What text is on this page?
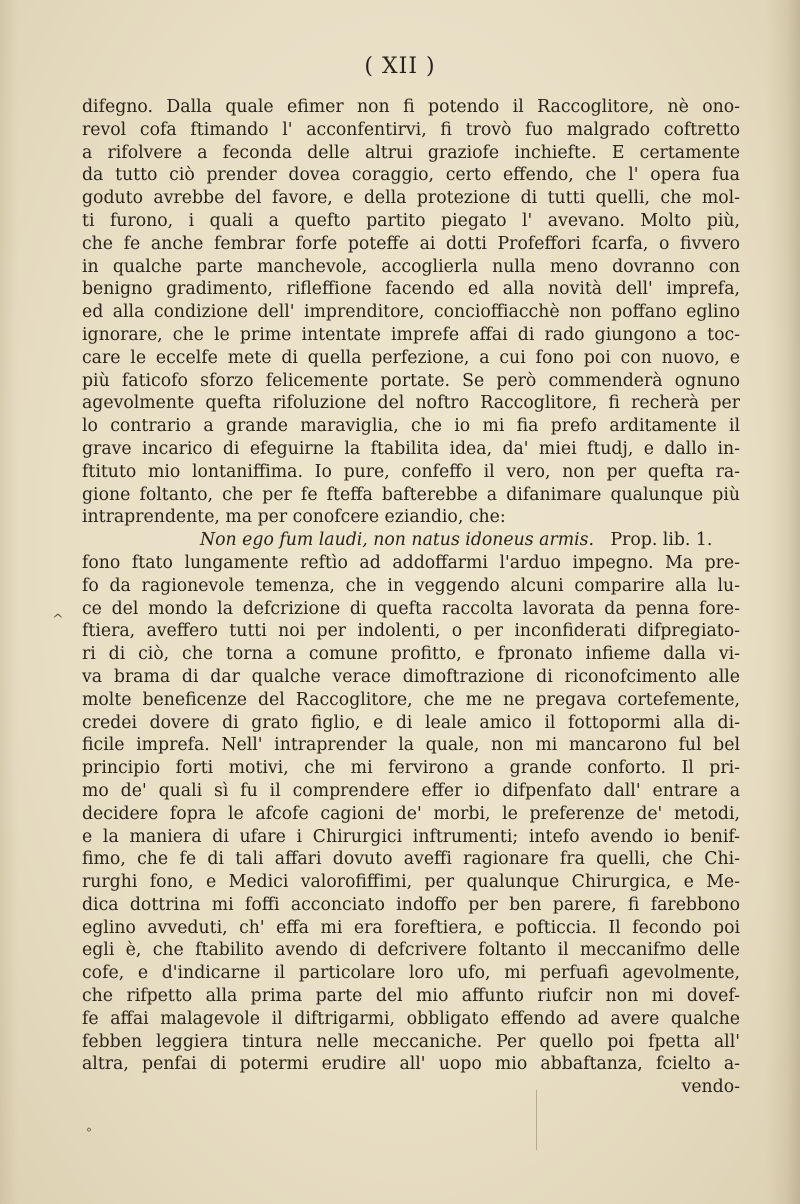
( XII )
difegno. Dalla quale efimer non fi potendo il Raccoglitore, nè ono-
revol cofa ftimando l' acconfentirvi, fi trovò fuo malgrado coftretto
a rifolvere a feconda delle altrui graziofe inchiefte. E certamente
da tutto ciò prender dovea coraggio, certo effendo, che l' opera fua
goduto avrebbe del favore, e della protezione di tutti quelli, che mol-
ti furono, i quali a quefto partito piegato l' avevano. Molto più,
che fe anche fembrar forfe poteffe ai dotti Profeffori fcarfa, o fivvero
in qualche parte manchevole, accoglierla nulla meno dovranno con
benigno gradimento, rifleffione facendo ed alla novità dell' imprefa,
ed alla condizione dell' imprenditore, concioffiacchè non poffano eglino
ignorare, che le prime intentate imprefe affai di rado giungono a toc-
care le eccelfe mete di quella perfezione, a cui fono poi con nuovo, e
più faticofo sforzo felicemente portate. Se però commenderà ognuno
agevolmente quefta rifoluzione del noftro Raccoglitore, fi recherà per
lo contrario a grande maraviglia, che io mi fia prefo arditamente il
grave incarico di efeguirne la ftabilita idea, da' miei ftudj, e dallo in-
ftituto mio lontaniffima. Io pure, confeffo il vero, non per quefta ra-
gione foltanto, che per fe fteffa bafterebbe a difanimare qualunque più
intraprendente, ma per conofcere eziandio, che:
Non ego fum laudi, non natus idoneus armis. Prop. lib. 1.
fono ftato lungamente reftìo ad addoffarmi l'arduo impegno. Ma pre-
fo da ragionevole temenza, che in veggendo alcuni comparire alla lu-
ce del mondo la defcrizione di quefta raccolta lavorata da penna fore-
ftiera, aveffero tutti noi per indolenti, o per inconfiderati difpregiato-
ri di ciò, che torna a comune profitto, e fpronato infieme dalla vi-
va brama di dar qualche verace dimoftrazione di riconofcimento alle
molte beneficenze del Raccoglitore, che me ne pregava cortefemente,
credei dovere di grato figlio, e di leale amico il fottopormi alla di-
ficile imprefa. Nell' intraprender la quale, non mi mancarono ful bel
principio forti motivi, che mi fervirono a grande conforto. Il pri-
mo de' quali sì fu il comprendere effer io difpenfato dall' entrare a
decidere fopra le afcofe cagioni de' morbi, le preferenze de' metodi,
e la maniera di ufare i Chirurgici inftrumenti; intefo avendo io benif-
fimo, che fe di tali affari dovuto aveffi ragionare fra quelli, che Chi-
rurghi fono, e Medici valorofiffimi, per qualunque Chirurgica, e Me-
dica dottrina mi foffi acconciato indoffo per ben parere, fi farebbono
eglino avveduti, ch' effa mi era foreftiera, e pofticcia. Il fecondo poi
egli è, che ftabilito avendo di defcrivere foltanto il meccanifmo delle
cofe, e d'indicarne il particolare loro ufo, mi perfuafi agevolmente,
che rifpetto alla prima parte del mio affunto riufcir non mi dovef-
fe affai malagevole il diftrigarmi, obbligato effendo ad avere qualche
febben leggiera tintura nelle meccaniche. Per quello poi fpetta all'
altra, penfai di potermi erudire all' uopo mio abbaftanza, fcielto a-
vendo-
^
°
